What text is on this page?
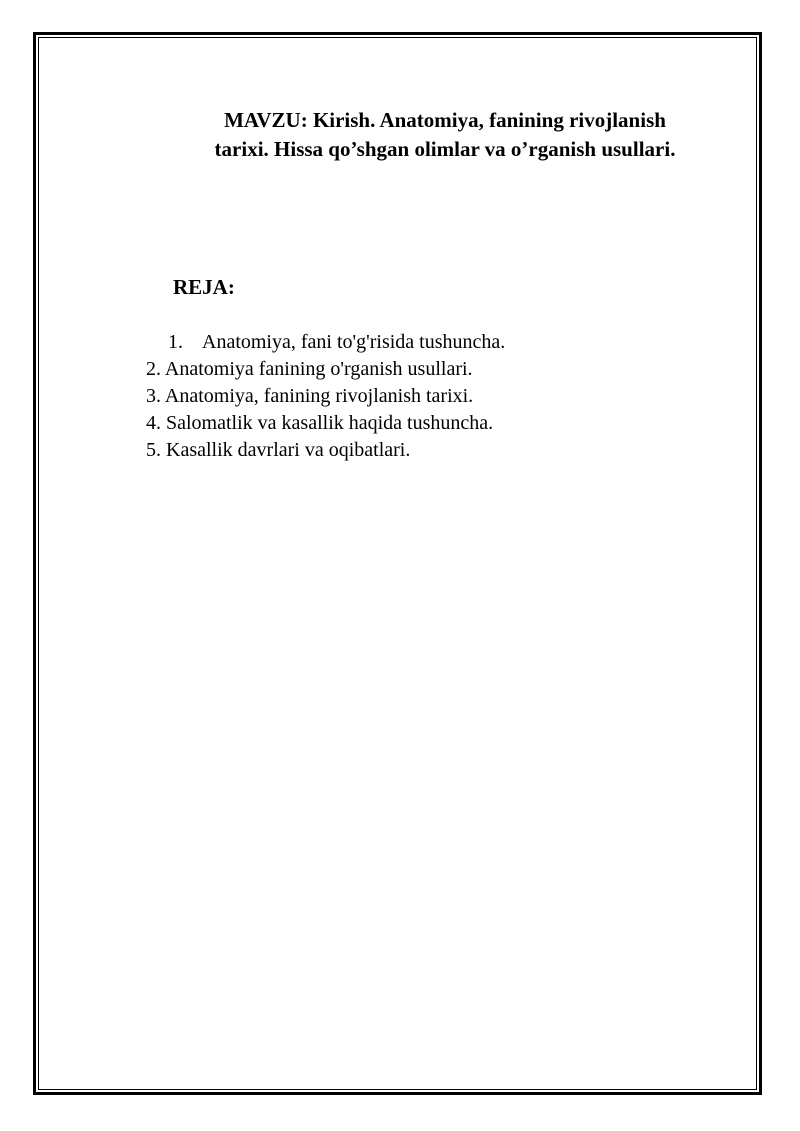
MAVZU: Kirish. Anatomiya, fanining rivojlanish
tarixi. Hissa qo’shgan olimlar va o’rganish usullari.
REJA:
1. Anatomiya, fani to'g'risida tushuncha.
2. Anatomiya fanining o'rganish usullari.
3. Anatomiya, fanining rivojlanish tarixi.
4. Salomatlik va kasallik haqida tushuncha.
5. Kasallik davrlari va oqibatlari.
